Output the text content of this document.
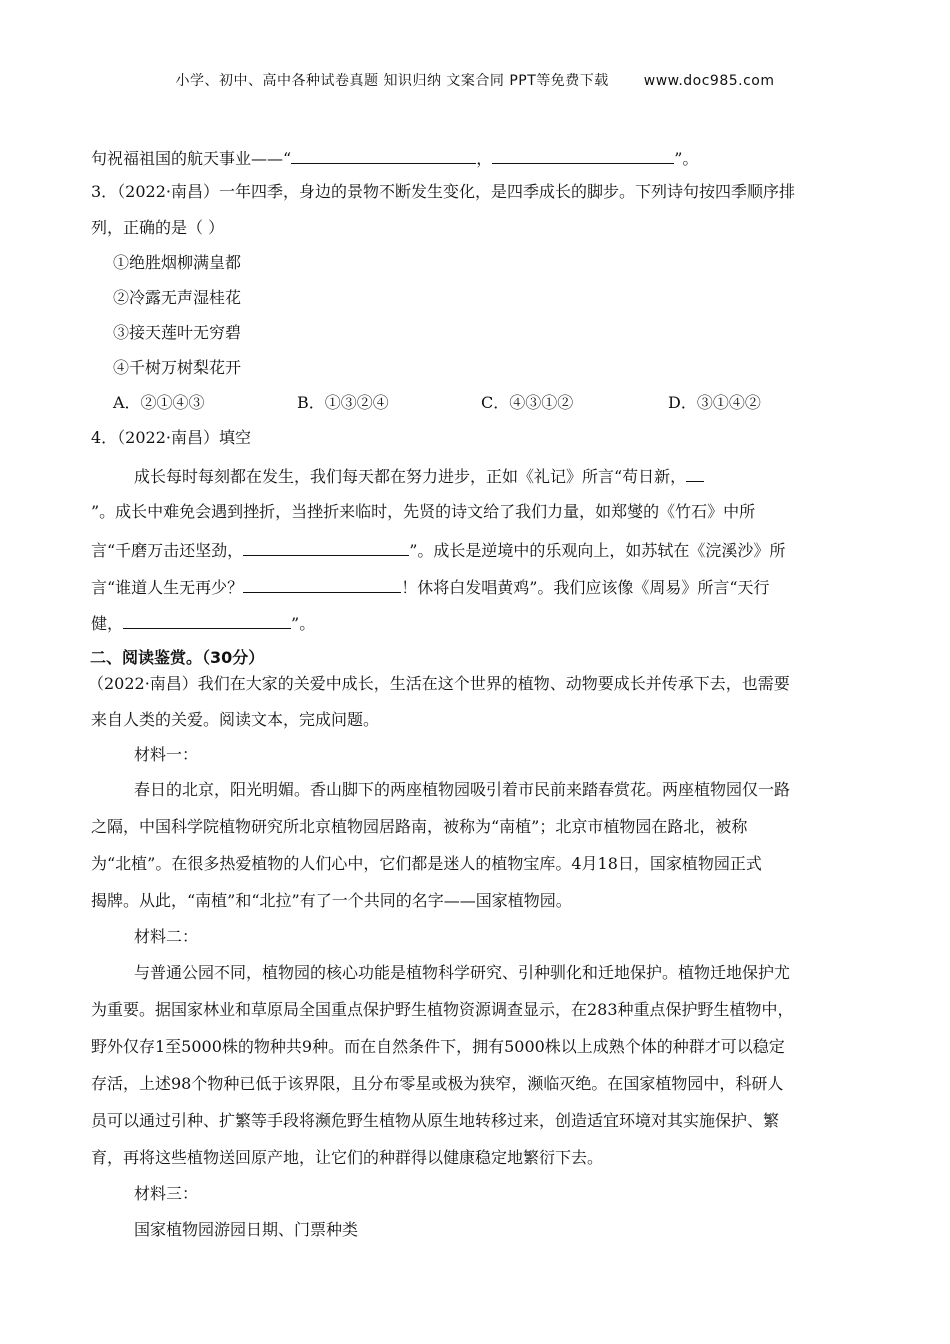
小学、初中、高中各种试卷真题 知识归纳 文案合同 PPT等免费下载 www.doc985.com
句祝福祖国的航天事业——“	，	”。
3．（2022·南昌）一年四季，身边的景物不断发生变化，是四季成长的脚步。下列诗句按四季顺序排
列，正确的是（ ）
①绝胜烟柳满皇都
②冷露无声湿桂花
③接天莲叶无穷碧
④千树万树梨花开
A．②①④③	B．①③②④	C．④③①②	D．③①④②
4．（2022·南昌）填空
成长每时每刻都在发生，我们每天都在努力进步，正如《礼记》所言“苟日新，
”。成长中难免会遇到挫折，当挫折来临时，先贤的诗文给了我们力量，如郑燮的《竹石》中所
言“千磨万击还坚劲，	”。成长是逆境中的乐观向上，如苏轼在《浣溪沙》所
言“谁道人生无再少？	！休将白发唱黄鸡”。我们应该像《周易》所言“天行
健，	”。
二、阅读鉴赏。（30分）
（2022·南昌）我们在大家的关爱中成长，生活在这个世界的植物、动物要成长并传承下去，也需要
来自人类的关爱。阅读文本，完成问题。
材料一：
春日的北京，阳光明媚。香山脚下的两座植物园吸引着市民前来踏春赏花。两座植物园仅一路
之隔，中国科学院植物研究所北京植物园居路南，被称为“南植”；北京市植物园在路北，被称
为“北植”。在很多热爱植物的人们心中，它们都是迷人的植物宝库。4月18日，国家植物园正式
揭牌。从此，“南植”和“北拉”有了一个共同的名字——国家植物园。
材料二：
与普通公园不同，植物园的核心功能是植物科学研究、引种驯化和迁地保护。植物迁地保护尤
为重要。据国家林业和草原局全国重点保护野生植物资源调查显示，在283种重点保护野生植物中，
野外仅存1至5000株的物种共9种。而在自然条件下，拥有5000株以上成熟个体的种群才可以稳定
存活，上述98个物种已低于该界限，且分布零星或极为狭窄，濒临灭绝。在国家植物园中，科研人
员可以通过引种、扩繁等手段将濒危野生植物从原生地转移过来，创造适宜环境对其实施保护、繁
育，再将这些植物送回原产地，让它们的种群得以健康稳定地繁衍下去。
材料三：
国家植物园游园日期、门票种类
